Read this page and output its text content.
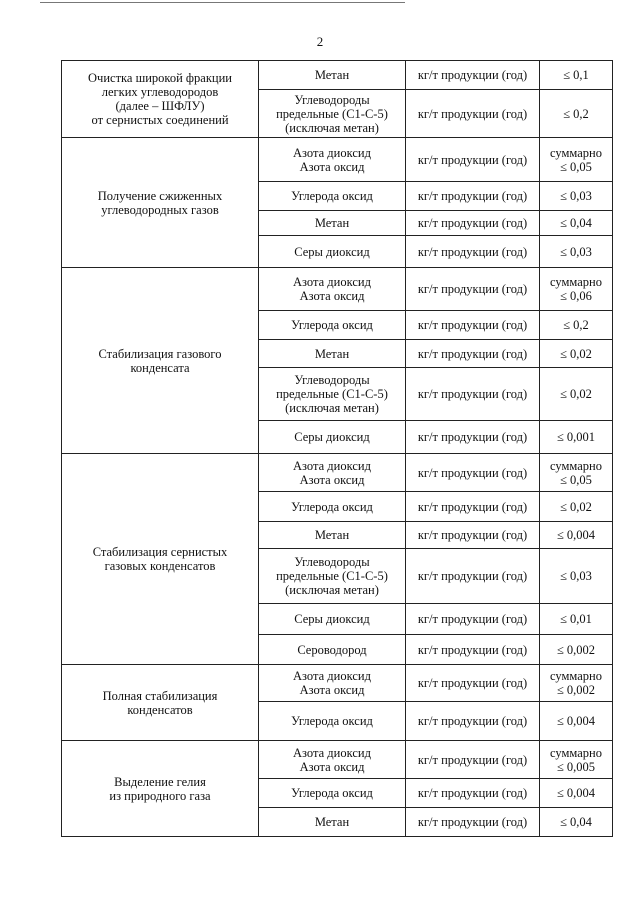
2
Очистка широкой фракции
легких углеводородов
(далее – ШФЛУ)
от сернистых соединений	Метан	кг/т продукции (год)	≤ 0,1

	Углеводороды
предельные (C1-C-5)
(исключая метан)	кг/т продукции (год)	≤ 0,2

Получение сжиженных
углеводородных газов	Азота диоксид
Азота оксид	кг/т продукции (год)	суммарно
≤ 0,05

	Углерода оксид	кг/т продукции (год)	≤ 0,03

	Метан	кг/т продукции (год)	≤ 0,04

	Серы диоксид	кг/т продукции (год)	≤ 0,03

Стабилизация газового
конденсата	Азота диоксид
Азота оксид	кг/т продукции (год)	суммарно
≤ 0,06

	Углерода оксид	кг/т продукции (год)	≤ 0,2

	Метан	кг/т продукции (год)	≤ 0,02

	Углеводороды
предельные (C1-C-5)
(исключая метан)	кг/т продукции (год)	≤ 0,02

	Серы диоксид	кг/т продукции (год)	≤ 0,001

Стабилизация сернистых
газовых конденсатов	Азота диоксид
Азота оксид	кг/т продукции (год)	суммарно
≤ 0,05

	Углерода оксид	кг/т продукции (год)	≤ 0,02

	Метан	кг/т продукции (год)	≤ 0,004

	Углеводороды
предельные (C1-C-5)
(исключая метан)	кг/т продукции (год)	≤ 0,03

	Серы диоксид	кг/т продукции (год)	≤ 0,01

	Сероводород	кг/т продукции (год)	≤ 0,002

Полная стабилизация
конденсатов	Азота диоксид
Азота оксид	кг/т продукции (год)	суммарно
≤ 0,002

	Углерода оксид	кг/т продукции (год)	≤ 0,004

Выделение гелия
из природного газа	Азота диоксид
Азота оксид	кг/т продукции (год)	суммарно
≤ 0,005

	Углерода оксид	кг/т продукции (год)	≤ 0,004

	Метан	кг/т продукции (год)	≤ 0,04
